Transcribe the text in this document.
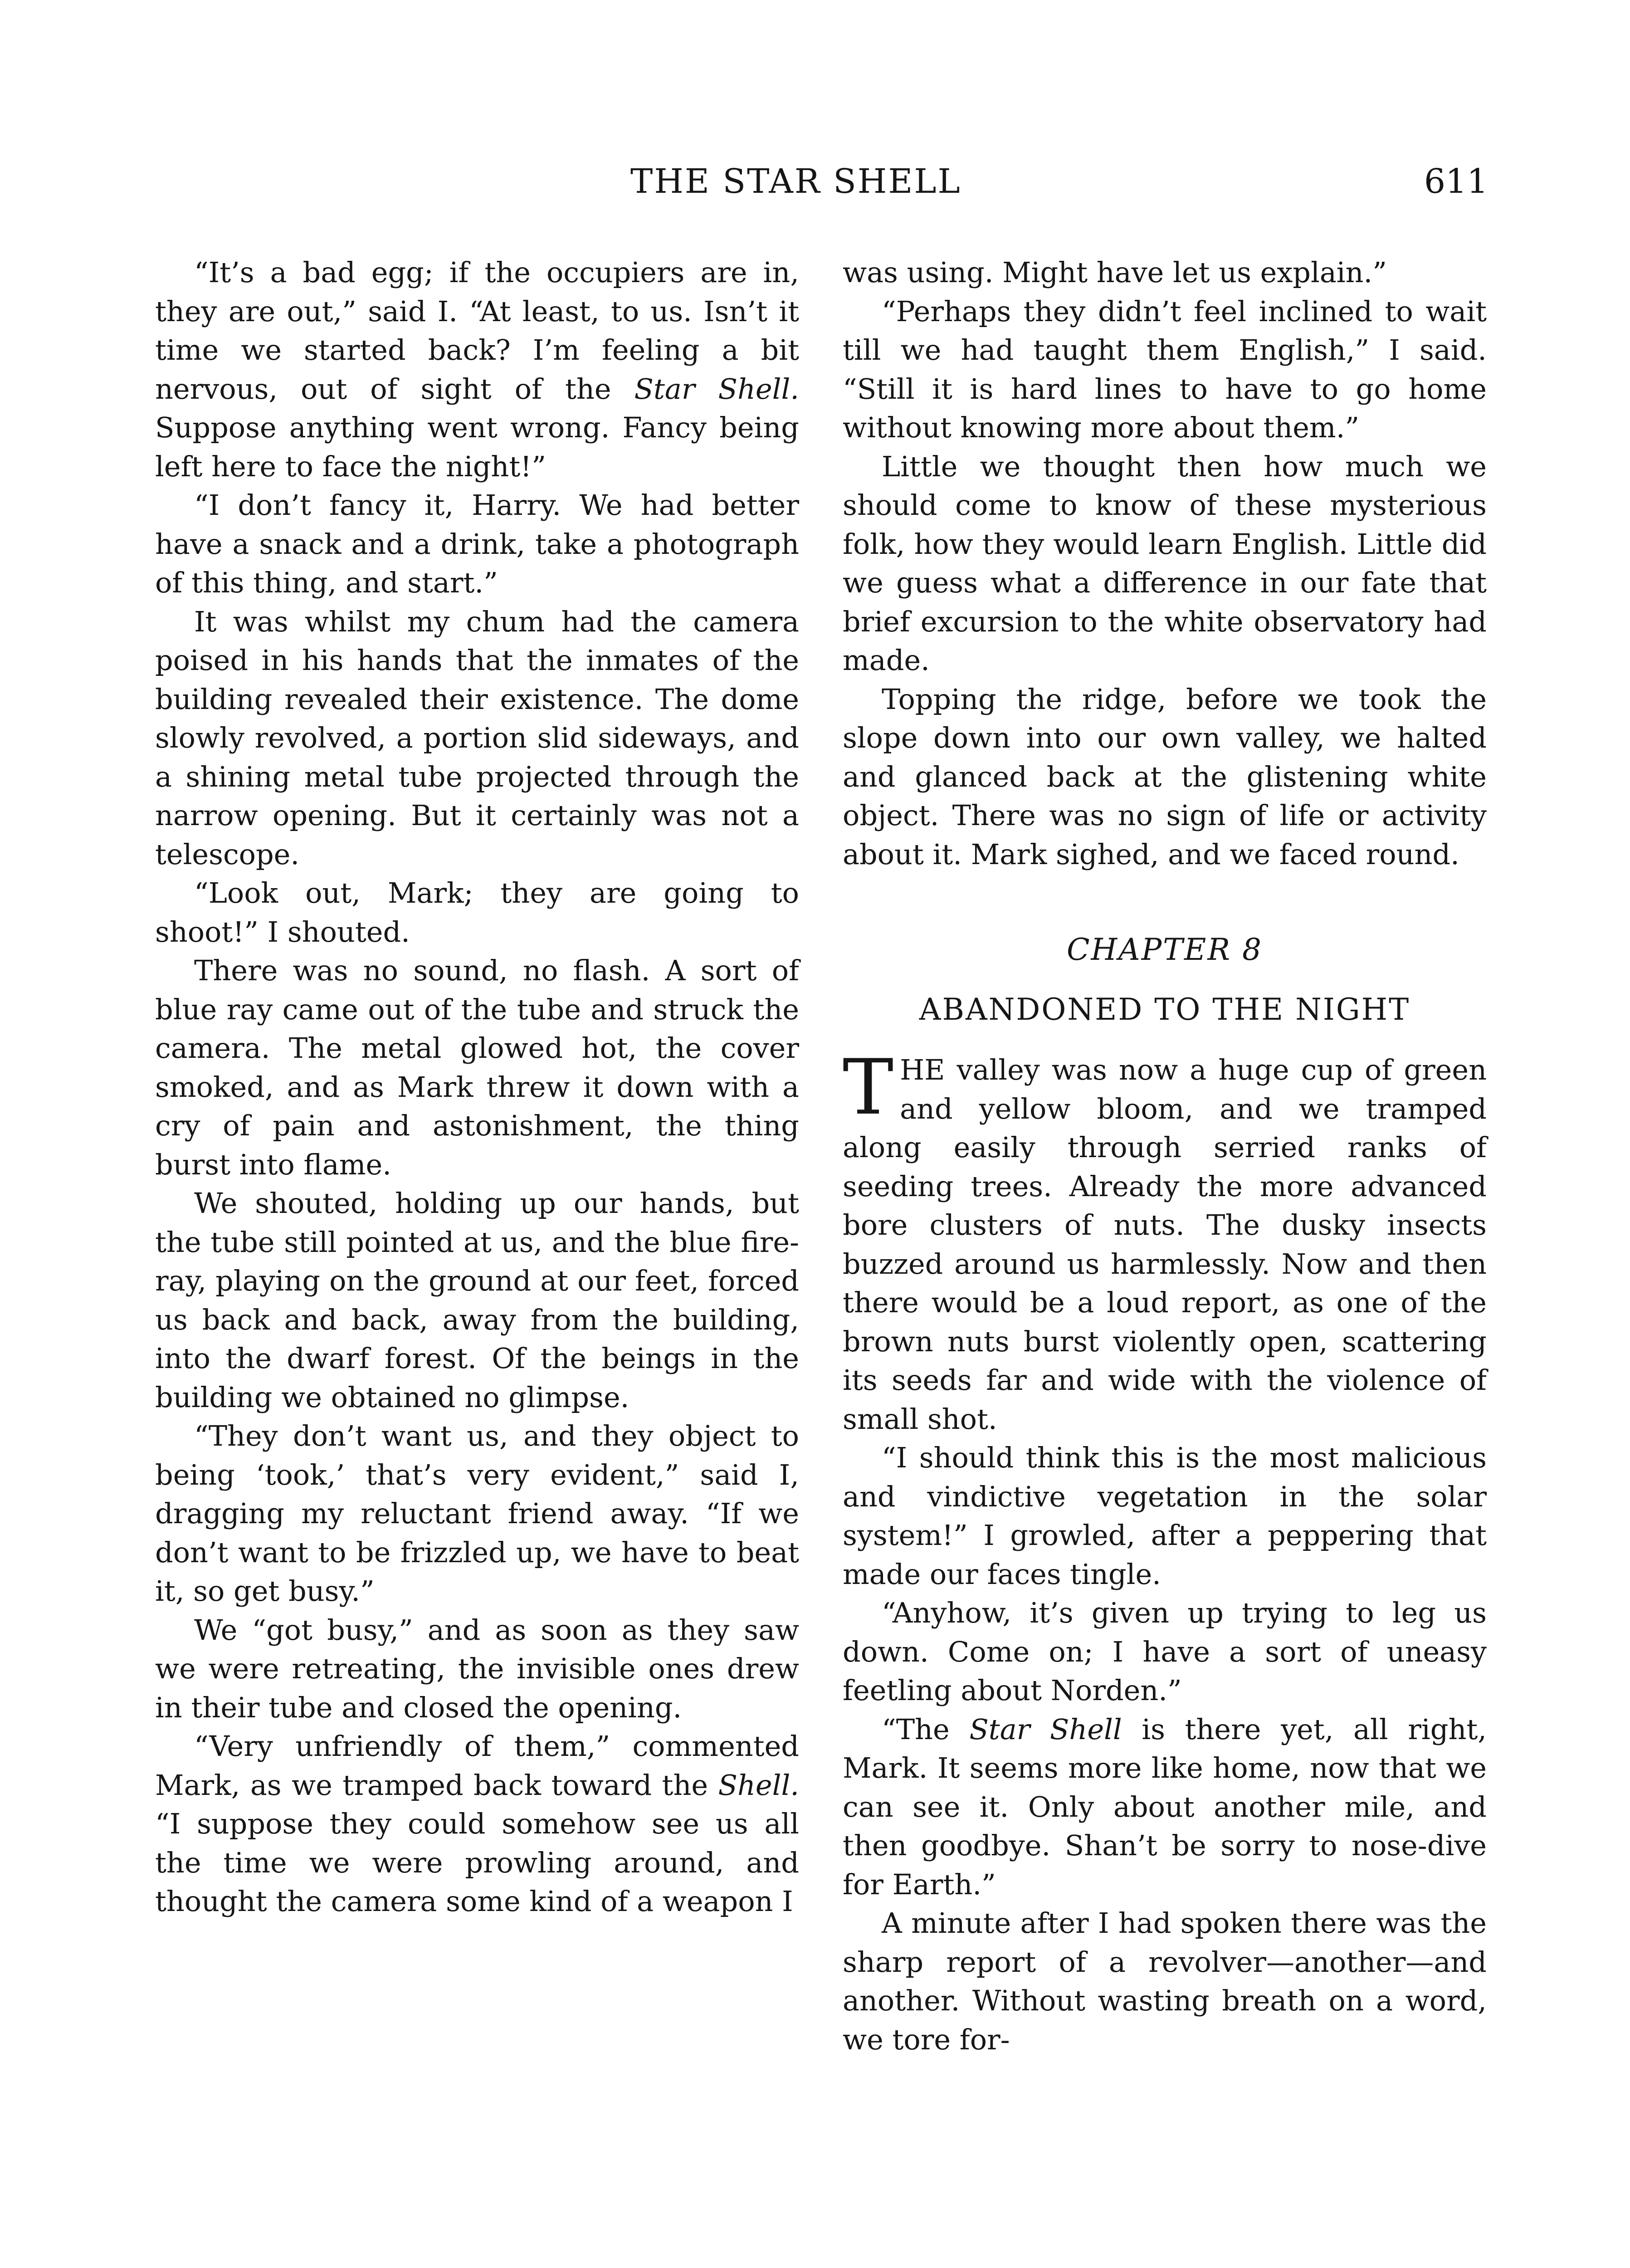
THE STAR SHELL	611

“It’s a bad egg; if the occupiers are in, they are out,” said I. “At least, to us. Isn’t it time we started back? I’m feeling a bit nervous, out of sight of the Star Shell. Suppose anything went wrong. Fancy being left here to face the night!”

“I don’t fancy it, Harry. We had better have a snack and a drink, take a photograph of this thing, and start.”

It was whilst my chum had the camera poised in his hands that the inmates of the building revealed their existence. The dome slowly revolved, a portion slid sideways, and a shining metal tube projected through the narrow opening. But it certainly was not a telescope.

“Look out, Mark; they are going to shoot!” I shouted.

There was no sound, no flash. A sort of blue ray came out of the tube and struck the camera. The metal glowed hot, the cover smoked, and as Mark threw it down with a cry of pain and astonishment, the thing burst into flame.

We shouted, holding up our hands, but the tube still pointed at us, and the blue fire-ray, playing on the ground at our feet, forced us back and back, away from the building, into the dwarf forest. Of the beings in the building we obtained no glimpse.

“They don’t want us, and they object to being ‘took,’ that’s very evident,” said I, dragging my reluctant friend away. “If we don’t want to be frizzled up, we have to beat it, so get busy.”

We “got busy,” and as soon as they saw we were retreating, the invisible ones drew in their tube and closed the opening.

“Very unfriendly of them,” commented Mark, as we tramped back toward the Shell. “I suppose they could somehow see us all the time we were prowling around, and thought the camera some kind of a weapon I

was using. Might have let us explain.”

“Perhaps they didn’t feel inclined to wait till we had taught them English,” I said. “Still it is hard lines to have to go home without knowing more about them.”

Little we thought then how much we should come to know of these mysterious folk, how they would learn English. Little did we guess what a difference in our fate that brief excursion to the white observatory had made.

Topping the ridge, before we took the slope down into our own valley, we halted and glanced back at the glistening white object. There was no sign of life or activity about it. Mark sighed, and we faced round.

CHAPTER 8
ABANDONED TO THE NIGHT

THE valley was now a huge cup of green and yellow bloom, and we tramped along easily through serried ranks of seeding trees. Already the more advanced bore clusters of nuts. The dusky insects buzzed around us harmlessly. Now and then there would be a loud report, as one of the brown nuts burst violently open, scattering its seeds far and wide with the violence of small shot.

“I should think this is the most malicious and vindictive vegetation in the solar system!” I growled, after a peppering that made our faces tingle.

“Anyhow, it’s given up trying to leg us down. Come on; I have a sort of uneasy feetling about Norden.”

“The Star Shell is there yet, all right, Mark. It seems more like home, now that we can see it. Only about another mile, and then goodbye. Shan’t be sorry to nose-dive for Earth.”

A minute after I had spoken there was the sharp report of a revolver—another—and another. Without wasting breath on a word, we tore for-
